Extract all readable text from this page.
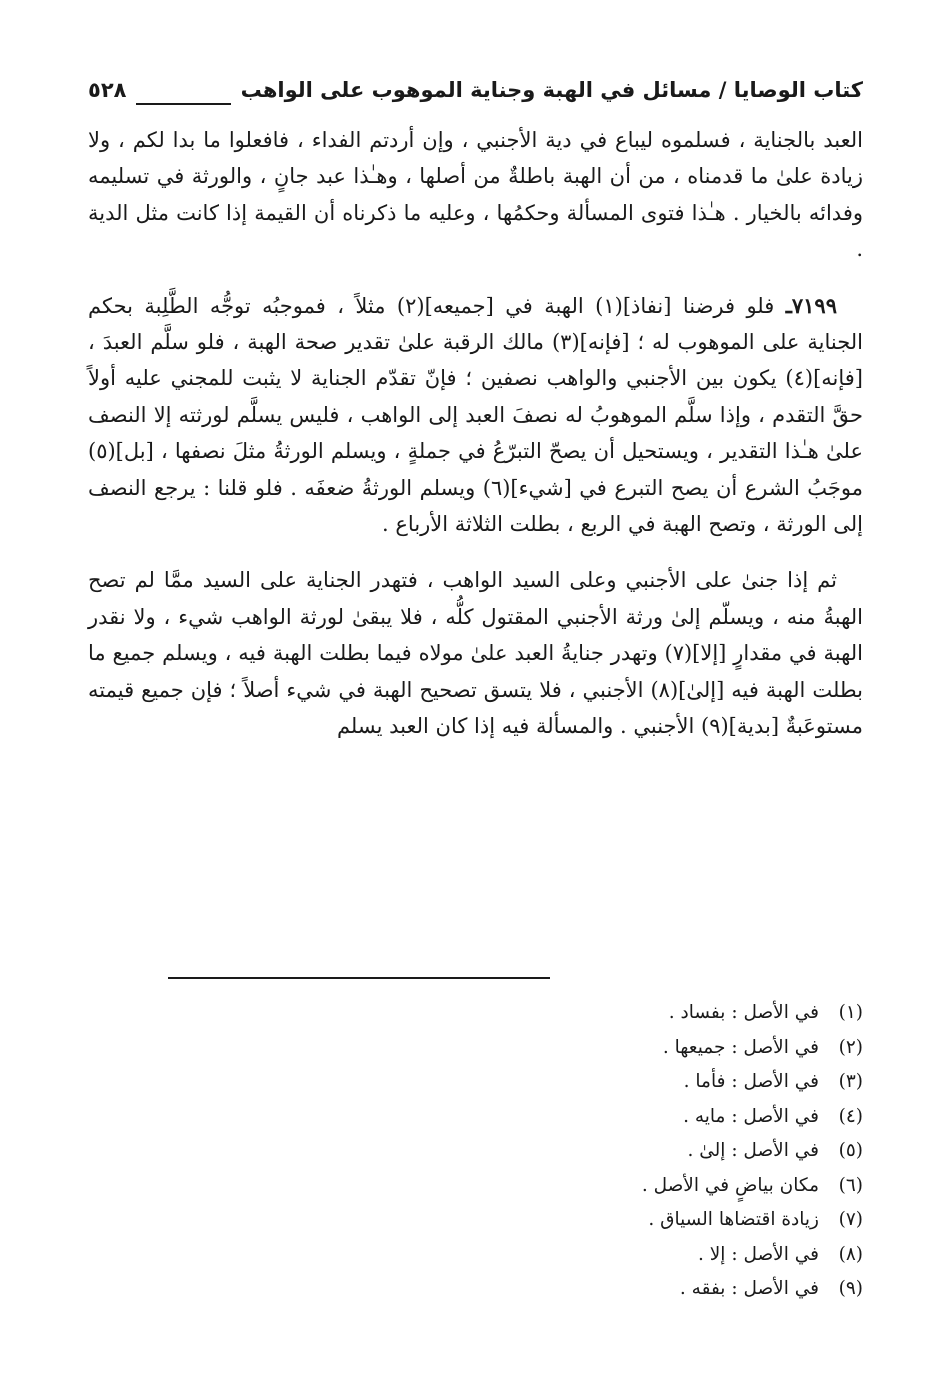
كتاب الوصايا / مسائل في الهبة وجناية الموهوب على الواهب
٥٢٨

العبد بالجناية ، فسلموه ليباع في دية الأجنبي ، وإن أردتم الفداء ، فافعلوا ما بدا لكم ، ولا زيادة علىٰ ما قدمناه ، من أن الهبة باطلةٌ من أصلها ، وهـٰذا عبد جانٍ ، والورثة في تسليمه وفدائه بالخيار . هـٰذا فتوى المسألة وحكمُها ، وعليه ما ذكرناه أن القيمة إذا كانت مثل الدية .

٧١٩٩ـ فلو فرضنا [نفاذ](١) الهبة في [جميعه](٢) مثلاً ، فموجبُه توجُّه الطَّلِبة بحكم الجناية على الموهوب له ؛ [فإنه](٣) مالك الرقبة علىٰ تقدير صحة الهبة ، فلو سلَّم العبدَ ، [فإنه](٤) يكون بين الأجنبي والواهب نصفين ؛ فإنّ تقدّم الجناية لا يثبت للمجني عليه أولاً حقَّ التقدم ، وإذا سلَّم الموهوبُ له نصفَ العبد إلى الواهب ، فليس يسلَّم لورثته إلا النصف علىٰ هـٰذا التقدير ، ويستحيل أن يصحّ التبرّعُ في جملةٍ ، ويسلم الورثةُ مثلَ نصفها ، [بل](٥) موجَبُ الشرع أن يصح التبرع في [شيء](٦) ويسلم الورثةُ ضعفَه . فلو قلنا : يرجع النصف إلى الورثة ، وتصح الهبة في الربع ، بطلت الثلاثة الأرباع .

ثم إذا جنىٰ على الأجنبي وعلى السيد الواهب ، فتهدر الجناية على السيد ممَّا لم تصح الهبةُ منه ، ويسلّم إلىٰ ورثة الأجنبي المقتول كلُّه ، فلا يبقىٰ لورثة الواهب شيء ، ولا نقدر الهبة في مقدارٍ [إلا](٧) وتهدر جنايةُ العبد علىٰ مولاه فيما بطلت الهبة فيه ، ويسلم جميع ما بطلت الهبة فيه [إلىٰ](٨) الأجنبي ، فلا يتسق تصحيح الهبة في شيء أصلاً ؛ فإن جميع قيمته مستوعَبةٌ [بدية](٩) الأجنبي . والمسألة فيه إذا كان العبد يسلم

(١)
في الأصل : بفساد .
(٢)
في الأصل : جميعها .
(٣)
في الأصل : فأما .
(٤)
في الأصل : مايه .
(٥)
في الأصل : إلىٰ .
(٦)
مكان بياضٍ في الأصل .
(٧)
زيادة اقتضاها السياق .
(٨)
في الأصل : إلا .
(٩)
في الأصل : بفقه .
